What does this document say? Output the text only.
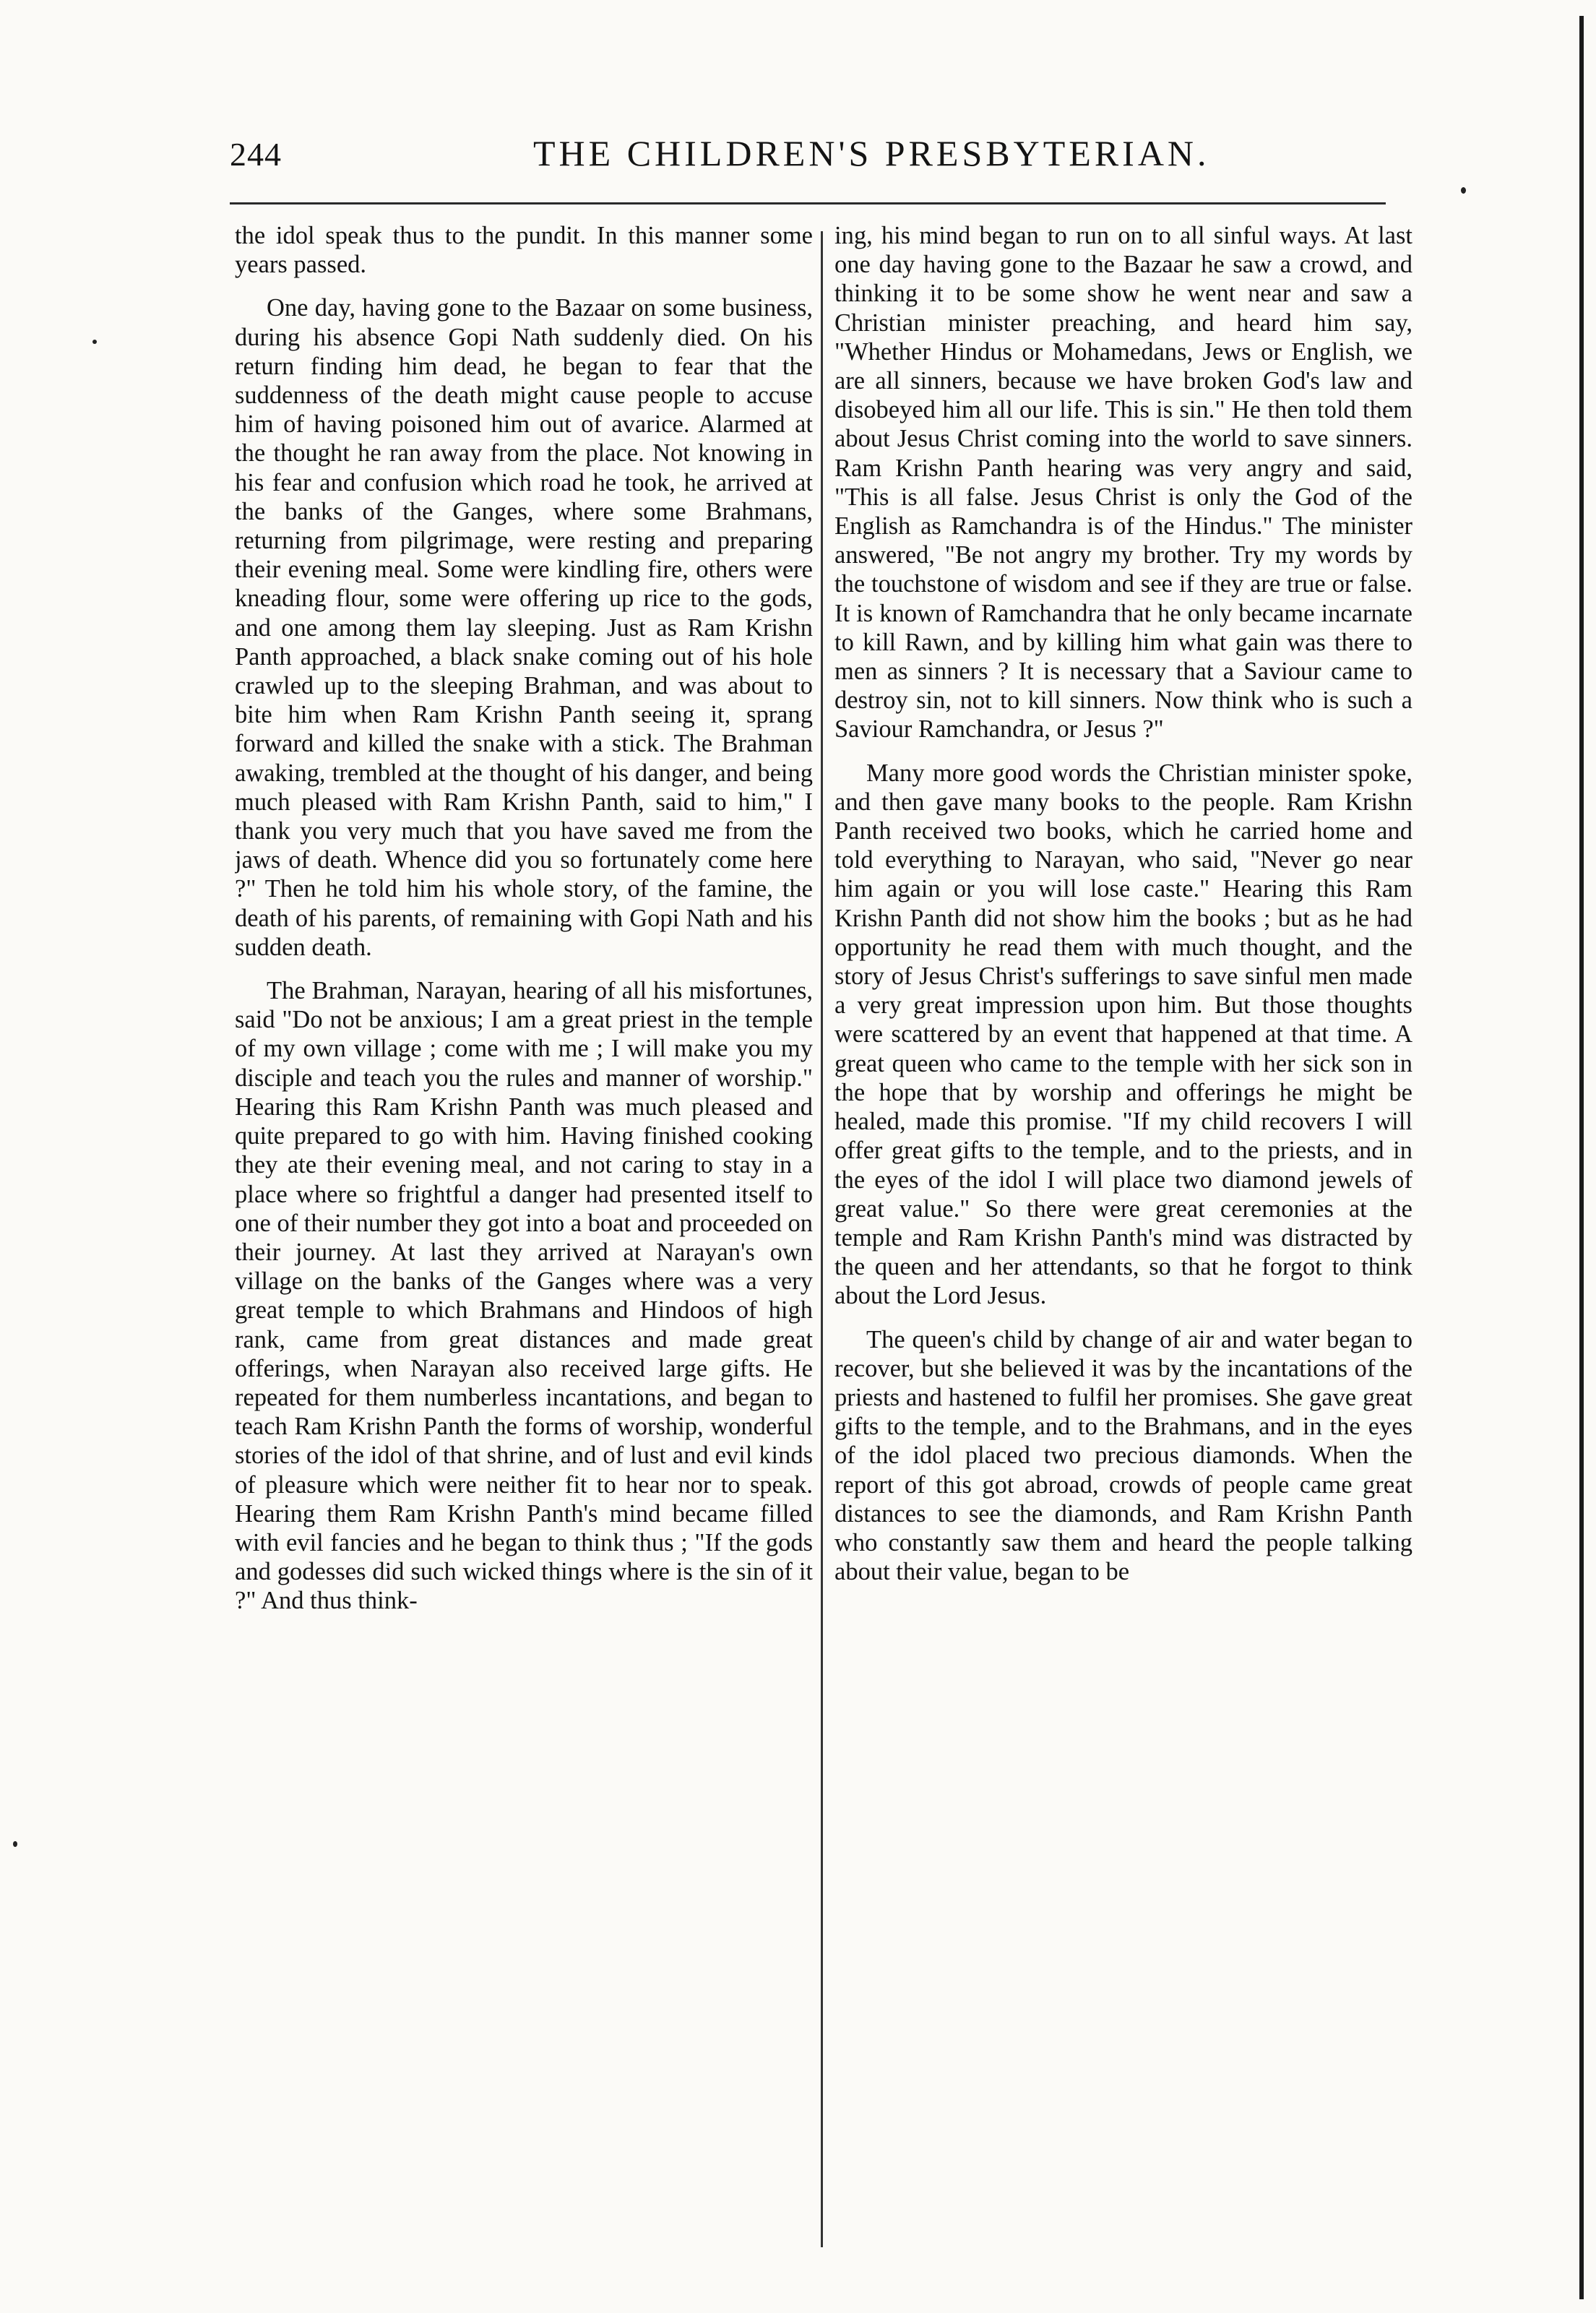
244	THE CHILDREN'S PRESBYTERIAN.

the idol speak thus to the pundit. In this manner some years passed.

One day, having gone to the Bazaar on some business, during his absence Gopi Nath suddenly died. On his return finding him dead, he began to fear that the suddenness of the death might cause people to accuse him of having poisoned him out of avarice. Alarmed at the thought he ran away from the place. Not knowing in his fear and confusion which road he took, he arrived at the banks of the Ganges, where some Brahmans, returning from pilgrimage, were resting and preparing their evening meal. Some were kindling fire, others were kneading flour, some were offering up rice to the gods, and one among them lay sleeping. Just as Ram Krishn Panth approached, a black snake coming out of his hole crawled up to the sleeping Brahman, and was about to bite him when Ram Krishn Panth seeing it, sprang forward and killed the snake with a stick. The Brahman awaking, trembled at the thought of his danger, and being much pleased with Ram Krishn Panth, said to him," I thank you very much that you have saved me from the jaws of death. Whence did you so fortunately come here ?" Then he told him his whole story, of the famine, the death of his parents, of remaining with Gopi Nath and his sudden death.

The Brahman, Narayan, hearing of all his misfortunes, said "Do not be anxious; I am a great priest in the temple of my own village ; come with me ; I will make you my disciple and teach you the rules and manner of worship." Hearing this Ram Krishn Panth was much pleased and quite prepared to go with him. Having finished cooking they ate their evening meal, and not caring to stay in a place where so frightful a danger had presented itself to one of their number they got into a boat and proceeded on their journey. At last they arrived at Narayan's own village on the banks of the Ganges where was a very great temple to which Brahmans and Hindoos of high rank, came from great distances and made great offerings, when Narayan also received large gifts. He repeated for them numberless incantations, and began to teach Ram Krishn Panth the forms of worship, wonderful stories of the idol of that shrine, and of lust and evil kinds of pleasure which were neither fit to hear nor to speak. Hearing them Ram Krishn Panth's mind became filled with evil fancies and he began to think thus ; "If the gods and godesses did such wicked things where is the sin of it ?" And thus think-

ing, his mind began to run on to all sinful ways. At last one day having gone to the Bazaar he saw a crowd, and thinking it to be some show he went near and saw a Christian minister preaching, and heard him say, "Whether Hindus or Mohamedans, Jews or English, we are all sinners, because we have broken God's law and disobeyed him all our life. This is sin." He then told them about Jesus Christ coming into the world to save sinners. Ram Krishn Panth hearing was very angry and said, "This is all false. Jesus Christ is only the God of the English as Ramchandra is of the Hindus." The minister answered, "Be not angry my brother. Try my words by the touchstone of wisdom and see if they are true or false. It is known of Ramchandra that he only became incarnate to kill Rawn, and by killing him what gain was there to men as sinners ? It is necessary that a Saviour came to destroy sin, not to kill sinners. Now think who is such a Saviour Ramchandra, or Jesus ?"

Many more good words the Christian minister spoke, and then gave many books to the people. Ram Krishn Panth received two books, which he carried home and told everything to Narayan, who said, "Never go near him again or you will lose caste." Hearing this Ram Krishn Panth did not show him the books ; but as he had opportunity he read them with much thought, and the story of Jesus Christ's sufferings to save sinful men made a very great impression upon him. But those thoughts were scattered by an event that happened at that time. A great queen who came to the temple with her sick son in the hope that by worship and offerings he might be healed, made this promise. "If my child recovers I will offer great gifts to the temple, and to the priests, and in the eyes of the idol I will place two diamond jewels of great value." So there were great ceremonies at the temple and Ram Krishn Panth's mind was distracted by the queen and her attendants, so that he forgot to think about the Lord Jesus.

The queen's child by change of air and water began to recover, but she believed it was by the incantations of the priests and hastened to fulfil her promises. She gave great gifts to the temple, and to the Brahmans, and in the eyes of the idol placed two precious diamonds. When the report of this got abroad, crowds of people came great distances to see the diamonds, and Ram Krishn Panth who constantly saw them and heard the people talking about their value, began to be
